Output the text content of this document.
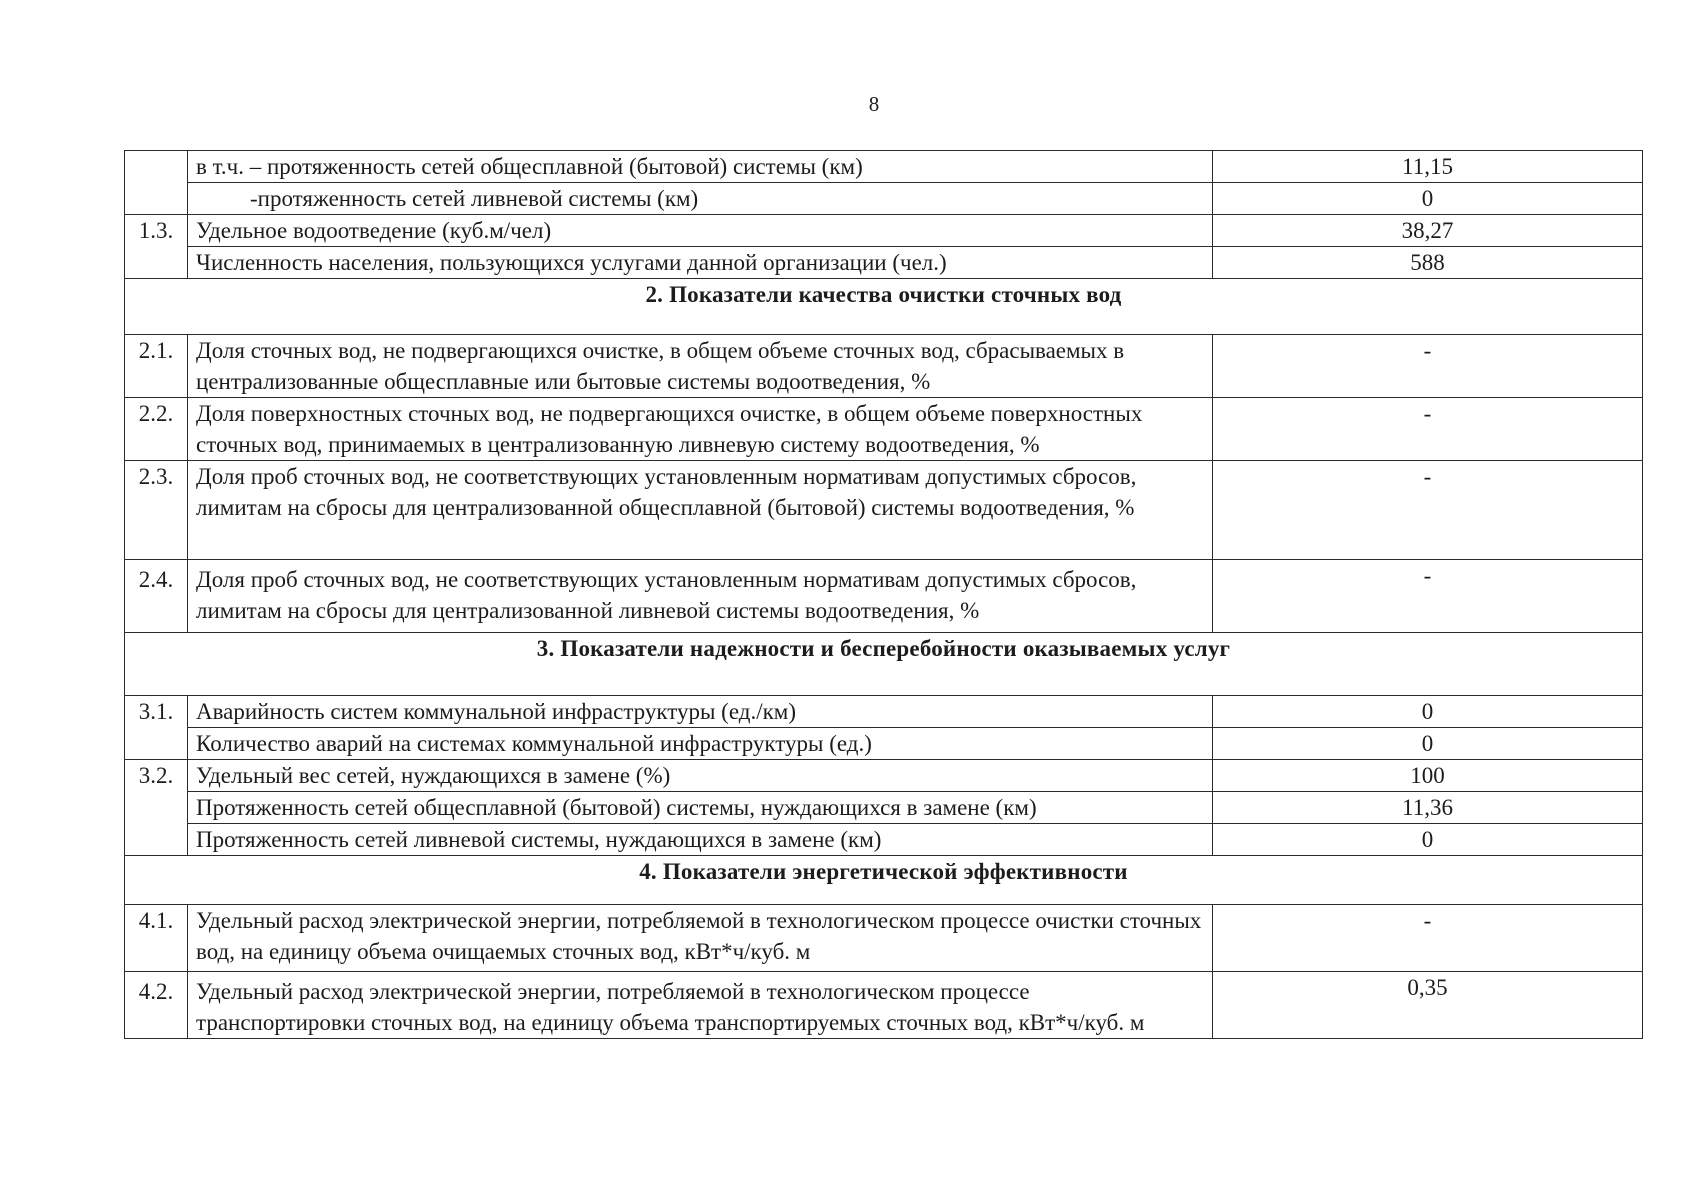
8
	в т.ч. – протяженность сетей общесплавной (бытовой) системы (км)	11,15
	-протяженность сетей ливневой системы (км)	0
1.3.	Удельное водоотведение (куб.м/чел)	38,27
	Численность населения, пользующихся услугами данной организации (чел.)	588
2. Показатели качества очистки сточных вод		
2.1.	Доля сточных вод, не подвергающихся очистке, в общем объеме сточных вод, сбрасываемых в централизованные общесплавные или бытовые системы водоотведения, %	-
2.2.	Доля поверхностных сточных вод, не подвергающихся очистке, в общем объеме поверхностных сточных вод, принимаемых в централизованную ливневую систему водоотведения, %	-
2.3.	Доля проб сточных вод, не соответствующих установленным нормативам допустимых сбросов, лимитам на сбросы для централизованной общесплавной (бытовой) системы водоотведения, %	-
2.4.	Доля проб сточных вод, не соответствующих установленным нормативам допустимых сбросов, лимитам на сбросы для централизованной ливневой системы водоотведения, %	-
3. Показатели надежности и бесперебойности оказываемых услуг		
3.1.	Аварийность систем коммунальной инфраструктуры (ед./км)	0
	Количество аварий на системах коммунальной инфраструктуры (ед.)	0
3.2.	Удельный вес сетей, нуждающихся в замене (%)	100
	Протяженность сетей общесплавной (бытовой) системы, нуждающихся в замене (км)	11,36
	Протяженность сетей ливневой системы, нуждающихся в замене (км)	0
4. Показатели энергетической эффективности		
4.1.	Удельный расход электрической энергии, потребляемой в технологическом процессе очистки сточных вод, на единицу объема очищаемых сточных вод, кВт*ч/куб. м	-
4.2.	Удельный расход электрической энергии, потребляемой в технологическом процессе транспортировки сточных вод, на единицу объема транспортируемых сточных вод, кВт*ч/куб. м	0,35
